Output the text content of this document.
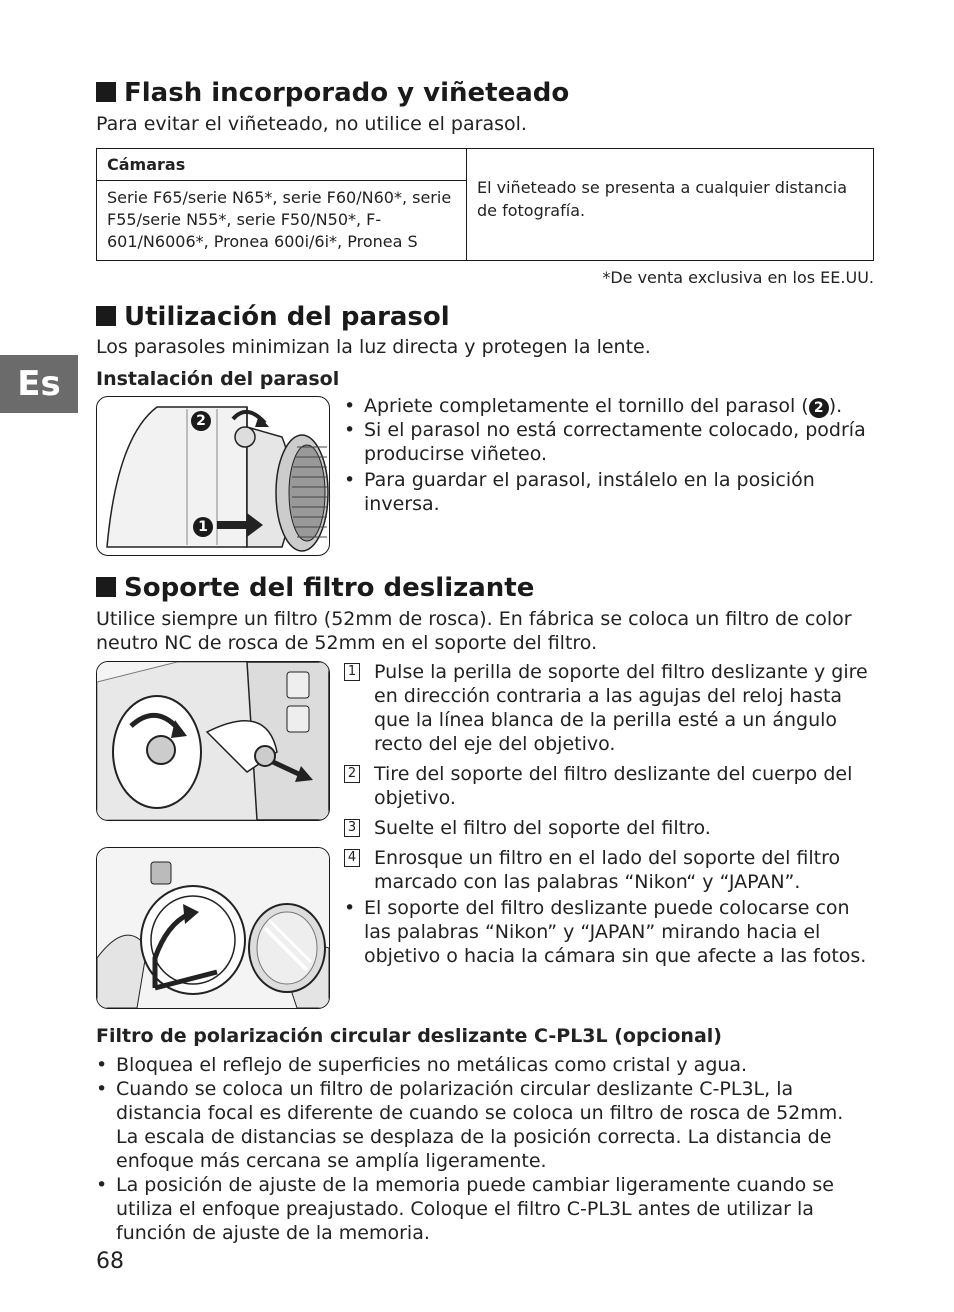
Es
Flash incorporado y viñeteado
Para evitar el viñeteado, no utilice el parasol.
Cámaras	El viñeteado se presenta a cualquier distancia de fotografía.
Serie F65/serie N65*, serie F60/N60*, serie F55/serie N55*, serie F50/N50*, F-601/N6006*, Pronea 600i/6i*, Pronea S
*De venta exclusiva en los EE.UU.
Utilización del parasol
Los parasoles minimizan la luz directa y protegen la lente.
Instalación del parasol
2
1
• Apriete completamente el tornillo del parasol ( 2 ).
• Si el parasol no está correctamente colocado, podría producirse viñeteo.
• Para guardar el parasol, instálelo en la posición inversa.
Soporte del filtro deslizante
Utilice siempre un filtro (52mm de rosca). En fábrica se coloca un filtro de color neutro NC de rosca de 52mm en el soporte del filtro.
1 Pulse la perilla de soporte del filtro deslizante y gire en dirección contraria a las agujas del reloj hasta que la línea blanca de la perilla esté a un ángulo recto del eje del objetivo.
2 Tire del soporte del filtro deslizante del cuerpo del objetivo.
3 Suelte el filtro del soporte del filtro.
4 Enrosque un filtro en el lado del soporte del filtro marcado con las palabras “Nikon“ y “JAPAN”.
• El soporte del filtro deslizante puede colocarse con las palabras “Nikon” y “JAPAN” mirando hacia el objetivo o hacia la cámara sin que afecte a las fotos.
Filtro de polarización circular deslizante C-PL3L (opcional)
• Bloquea el reflejo de superficies no metálicas como cristal y agua.
• Cuando se coloca un filtro de polarización circular deslizante C-PL3L, la distancia focal es diferente de cuando se coloca un filtro de rosca de 52mm. La escala de distancias se desplaza de la posición correcta. La distancia de enfoque más cercana se amplía ligeramente.
• La posición de ajuste de la memoria puede cambiar ligeramente cuando se utiliza el enfoque preajustado. Coloque el filtro C-PL3L antes de utilizar la función de ajuste de la memoria.
68
